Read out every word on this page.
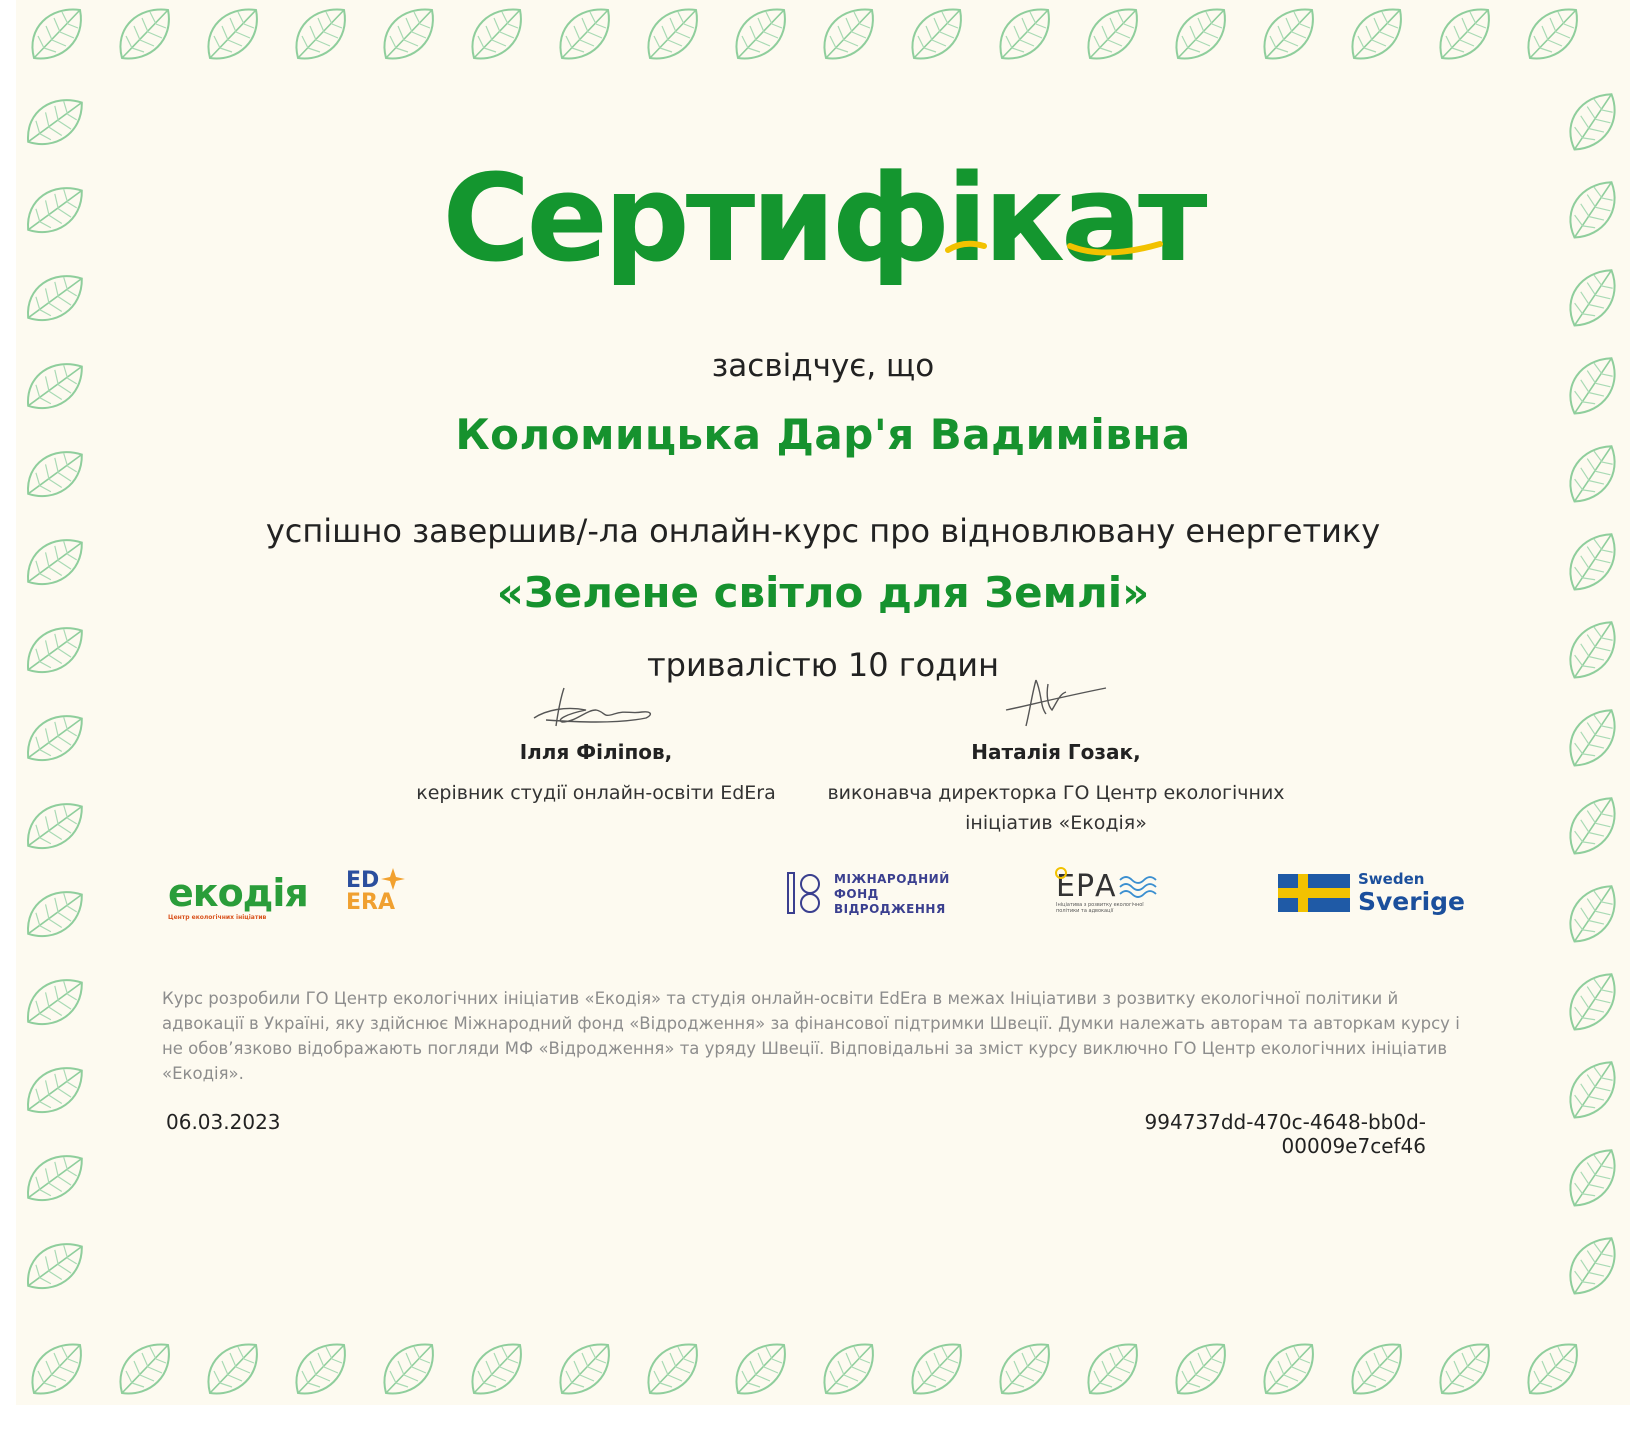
Сертифікат
засвідчує, що
Коломицька Дар'я Вадимівна
успішно завершив/-ла онлайн-курс про відновлювану енергетику
«Зелене світло для Землі»
тривалістю 10 годин
Ілля Філіпов,
керівник студії онлайн-освіти EdEra
Наталія Гозак,
виконавча директорка ГО Центр екологічних
ініціатив «Екодія»
екодія
Центр екологічних ініціатив
ED
ERA
МІЖНАРОДНИЙ
ФОНД
ВІДРОДЖЕННЯ
ЕРА
Ініціатива з розвитку екологічної політики та адвокації
Sweden
Sverige
Курс розробили ГО Центр екологічних ініціатив «Екодія» та студія онлайн-освіти EdEra в межах Ініціативи з розвитку екологічної політики й адвокації в Україні, яку здійснює Міжнародний фонд «Відродження» за фінансової підтримки Швеції. Думки належать авторам та авторкам курсу і не обов’язково відображають погляди МФ «Відродження» та уряду Швеції. Відповідальні за зміст курсу виключно ГО Центр екологічних ініціатив «Екодія».
06.03.2023	994737dd-470c-4648-bb0d-00009e7cef46
